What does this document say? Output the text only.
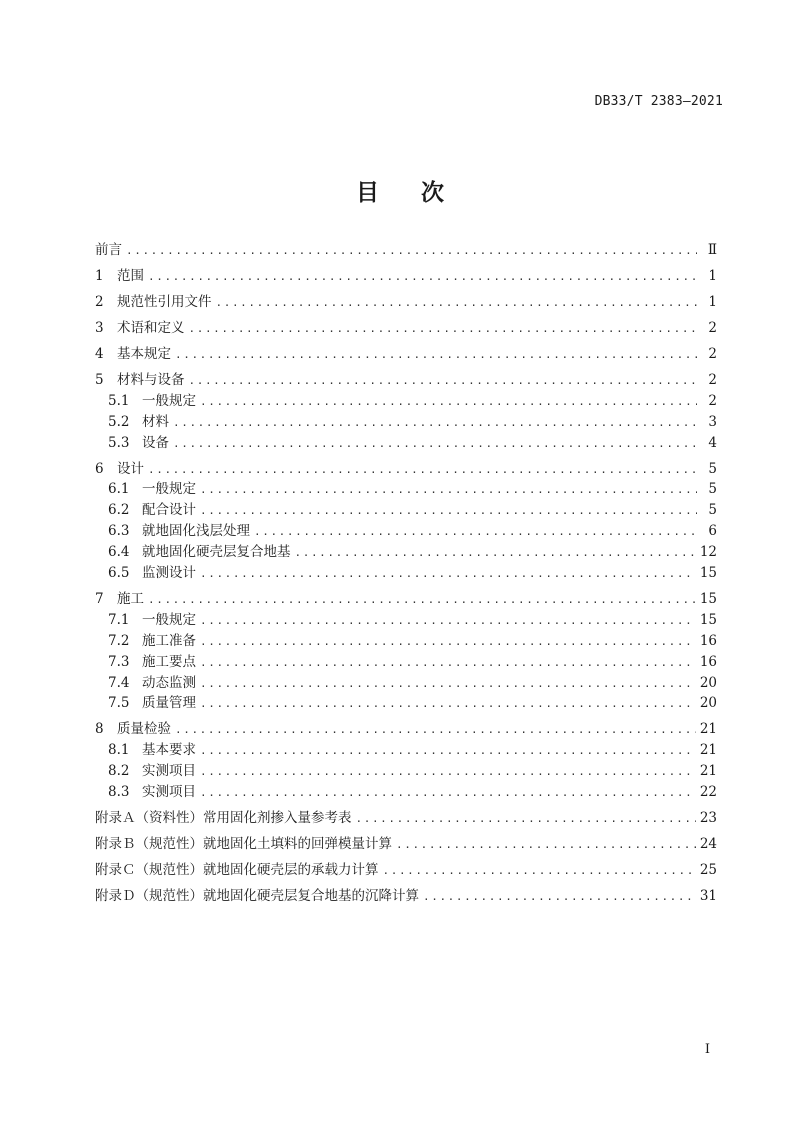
DB33/T 2383—2021
目 次
前言 .....	Ⅱ
1 范围 .....	1
2 规范性引用文件 .....	1
3 术语和定义 .....	2
4 基本规定 .....	2
5 材料与设备 .....	2
5.1 一般规定 .....	2
5.2 材料 .....	3
5.3 设备 .....	4
6 设计 .....	5
6.1 一般规定 .....	5
6.2 配合设计 .....	5
6.3 就地固化浅层处理 .....	6
6.4 就地固化硬壳层复合地基 .....	12
6.5 监测设计 .....	15
7 施工 .....	15
7.1 一般规定 .....	15
7.2 施工准备 .....	16
7.3 施工要点 .....	16
7.4 动态监测 .....	20
7.5 质量管理 .....	20
8 质量检验 .....	21
8.1 基本要求 .....	21
8.2 实测项目 .....	21
8.3 实测项目 .....	22
附录Ａ（资料性）常用固化剂掺入量参考表 .....	23
附录Ｂ（规范性）就地固化土填料的回弹模量计算 .....	24
附录Ｃ（规范性）就地固化硬壳层的承载力计算 .....	25
附录Ｄ（规范性）就地固化硬壳层复合地基的沉降计算 .....	31
I
